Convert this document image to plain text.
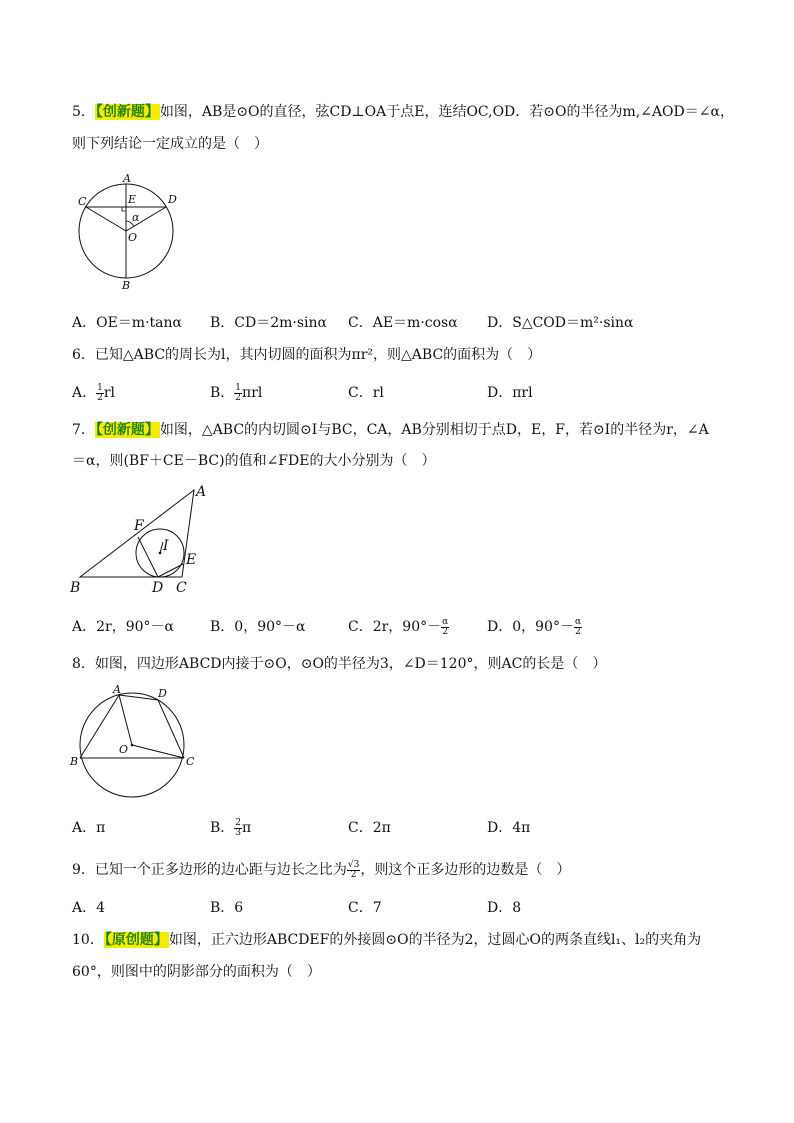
5．【创新题】如图，AB是⊙O的直径，弦CD⊥OA于点E，连结OC,OD．若⊙O的半径为m,∠AOD＝∠α，
则下列结论一定成立的是（　）
A
C	D
E
α
O
B
A．OE＝m·tanα B．CD＝2m·sinα C．AE＝m·cosα D．S△COD＝m²·sinα
6．已知△ABC的周长为l，其内切圆的面积为πr²，则△ABC的面积为（　）
A． $\frac{1}{2}$ rl	B． $\frac{1}{2}$ πrl	C．rl	D．πrl
7．【创新题】如图，△ABC的内切圆⊙I与BC，CA，AB分别相切于点D，E，F，若⊙I的半径为r，∠A
＝α，则(BF＋CE－BC)的值和∠FDE的大小分别为（　）
A
B	C
D
E
F
I
A．2r，90°－α	B．0，90°－α	C．2r，$90^\circ- \frac{\alpha}{2}$	D．0，$90^\circ- \frac{\alpha}{2}$
8．如图，四边形ABCD内接于⊙O，⊙O的半径为3，∠D＝120°，则AC的长是（　）
A
B	C
D
O
A．π	B． $\frac{2}{3}$ π	C．2π	D．4π
9．已知一个正多边形的边心距与边长之比为 $\frac{√3}{2}$ ，则这个正多边形的边数是（　）
A．4	B．6	C．7	D．8
10．【原创题】如图，正六边形ABCDEF的外接圆⊙O的半径为2，过圆心O的两条直线l₁、l₂的夹角为
60°，则图中的阴影部分的面积为（　）
